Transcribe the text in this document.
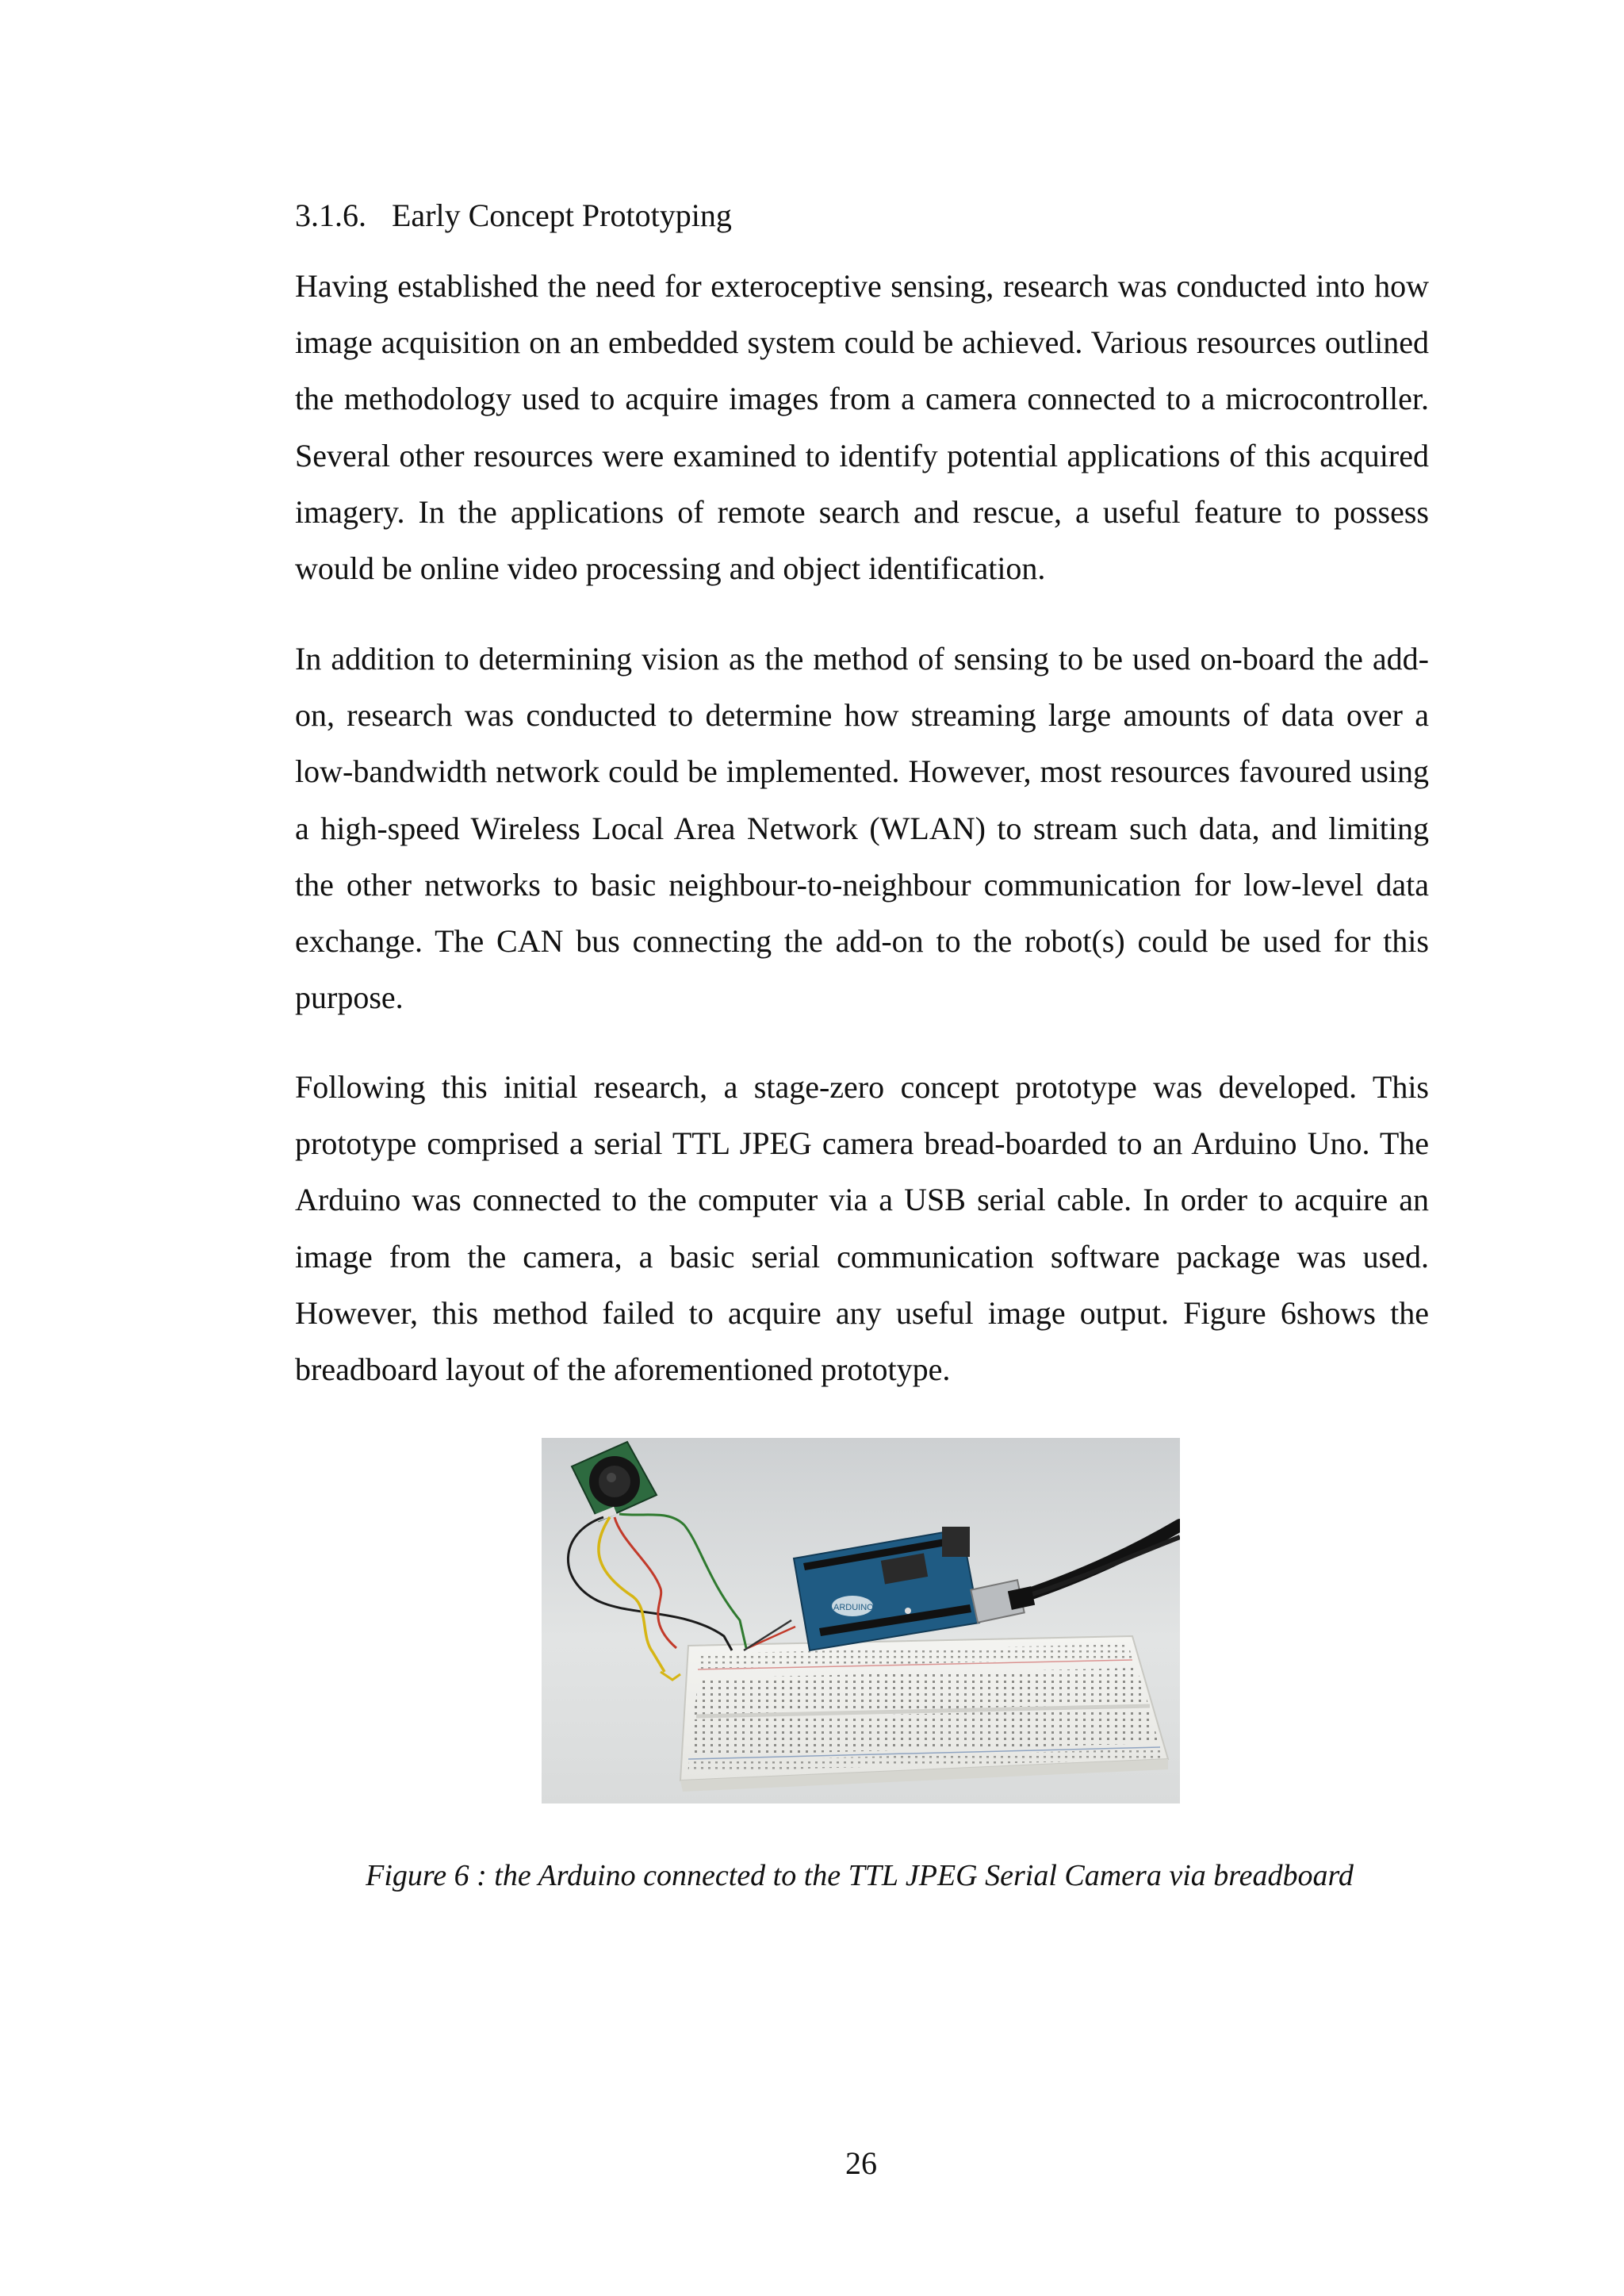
3.1.6. Early Concept Prototyping

Having established the need for exteroceptive sensing, research was conducted into how image acquisition on an embedded system could be achieved. Various resources outlined the methodology used to acquire images from a camera connected to a microcontroller. Several other resources were examined to identify potential applications of this acquired imagery. In the applications of remote search and rescue, a useful feature to possess would be online video processing and object identification.

In addition to determining vision as the method of sensing to be used on-board the add-on, research was conducted to determine how streaming large amounts of data over a low-bandwidth network could be implemented. However, most resources favoured using a high-speed Wireless Local Area Network (WLAN) to stream such data, and limiting the other networks to basic neighbour-to-neighbour communication for low-level data exchange. The CAN bus connecting the add-on to the robot(s) could be used for this purpose.

Following this initial research, a stage-zero concept prototype was developed. This prototype comprised a serial TTL JPEG camera bread-boarded to an Arduino Uno. The Arduino was connected to the computer via a USB serial cable. In order to acquire an image from the camera, a basic serial communication software package was used. However, this method failed to acquire any useful image output. Figure 6shows the breadboard layout of the aforementioned prototype.

ARDUINO

Figure 6 : the Arduino connected to the TTL JPEG Serial Camera via breadboard

26
